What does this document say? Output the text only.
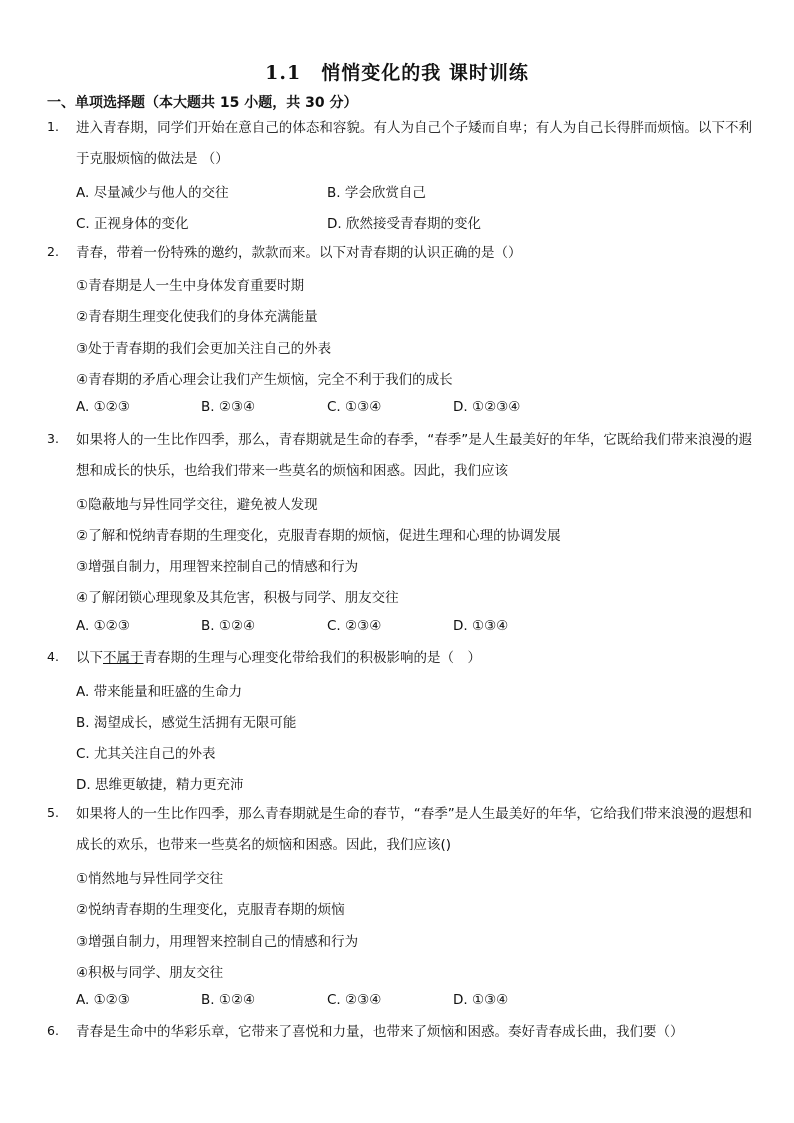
1.1　悄悄变化的我 课时训练
一、单项选择题（本大题共 15 小题，共 30 分）
1.	进入青春期，同学们开始在意自己的体态和容貌。有人为自己个子矮而自卑；有人为自己长得胖而烦恼。以下不利于克服烦恼的做法是 （）
A. 尽量减少与他人的交往	B. 学会欣赏自己
C. 正视身体的变化	D. 欣然接受青春期的变化
2.	青春，带着一份特殊的邀约，款款而来。以下对青春期的认识正确的是（）
①青春期是人一生中身体发育重要时期
②青春期生理变化使我们的身体充满能量
③处于青春期的我们会更加关注自己的外表
④青春期的矛盾心理会让我们产生烦恼，完全不利于我们的成长
A. ①②③	B. ②③④	C. ①③④	D. ①②③④
3.	如果将人的一生比作四季，那么，青春期就是生命的春季，“春季”是人生最美好的年华，它既给我们带来浪漫的遐想和成长的快乐，也给我们带来一些莫名的烦恼和困惑。因此，我们应该
①隐蔽地与异性同学交往，避免被人发现
②了解和悦纳青春期的生理变化，克服青春期的烦恼，促进生理和心理的协调发展
③增强自制力，用理智来控制自己的情感和行为
④了解闭锁心理现象及其危害，积极与同学、朋友交往
A. ①②③	B. ①②④	C. ②③④	D. ①③④
4.	以下不属于青春期的生理与心理变化带给我们的积极影响的是（　）
A. 带来能量和旺盛的生命力
B. 渴望成长，感觉生活拥有无限可能
C. 尤其关注自己的外表
D. 思维更敏捷，精力更充沛
5.	如果将人的一生比作四季，那么青春期就是生命的春节，“春季”是人生最美好的年华，它给我们带来浪漫的遐想和成长的欢乐，也带来一些莫名的烦恼和困惑。因此，我们应该()
①悄然地与异性同学交往
②悦纳青春期的生理变化，克服青春期的烦恼
③增强自制力，用理智来控制自己的情感和行为
④积极与同学、朋友交往
A. ①②③	B. ①②④	C. ②③④	D. ①③④
6.	青春是生命中的华彩乐章，它带来了喜悦和力量，也带来了烦恼和困惑。奏好青春成长曲，我们要（）
